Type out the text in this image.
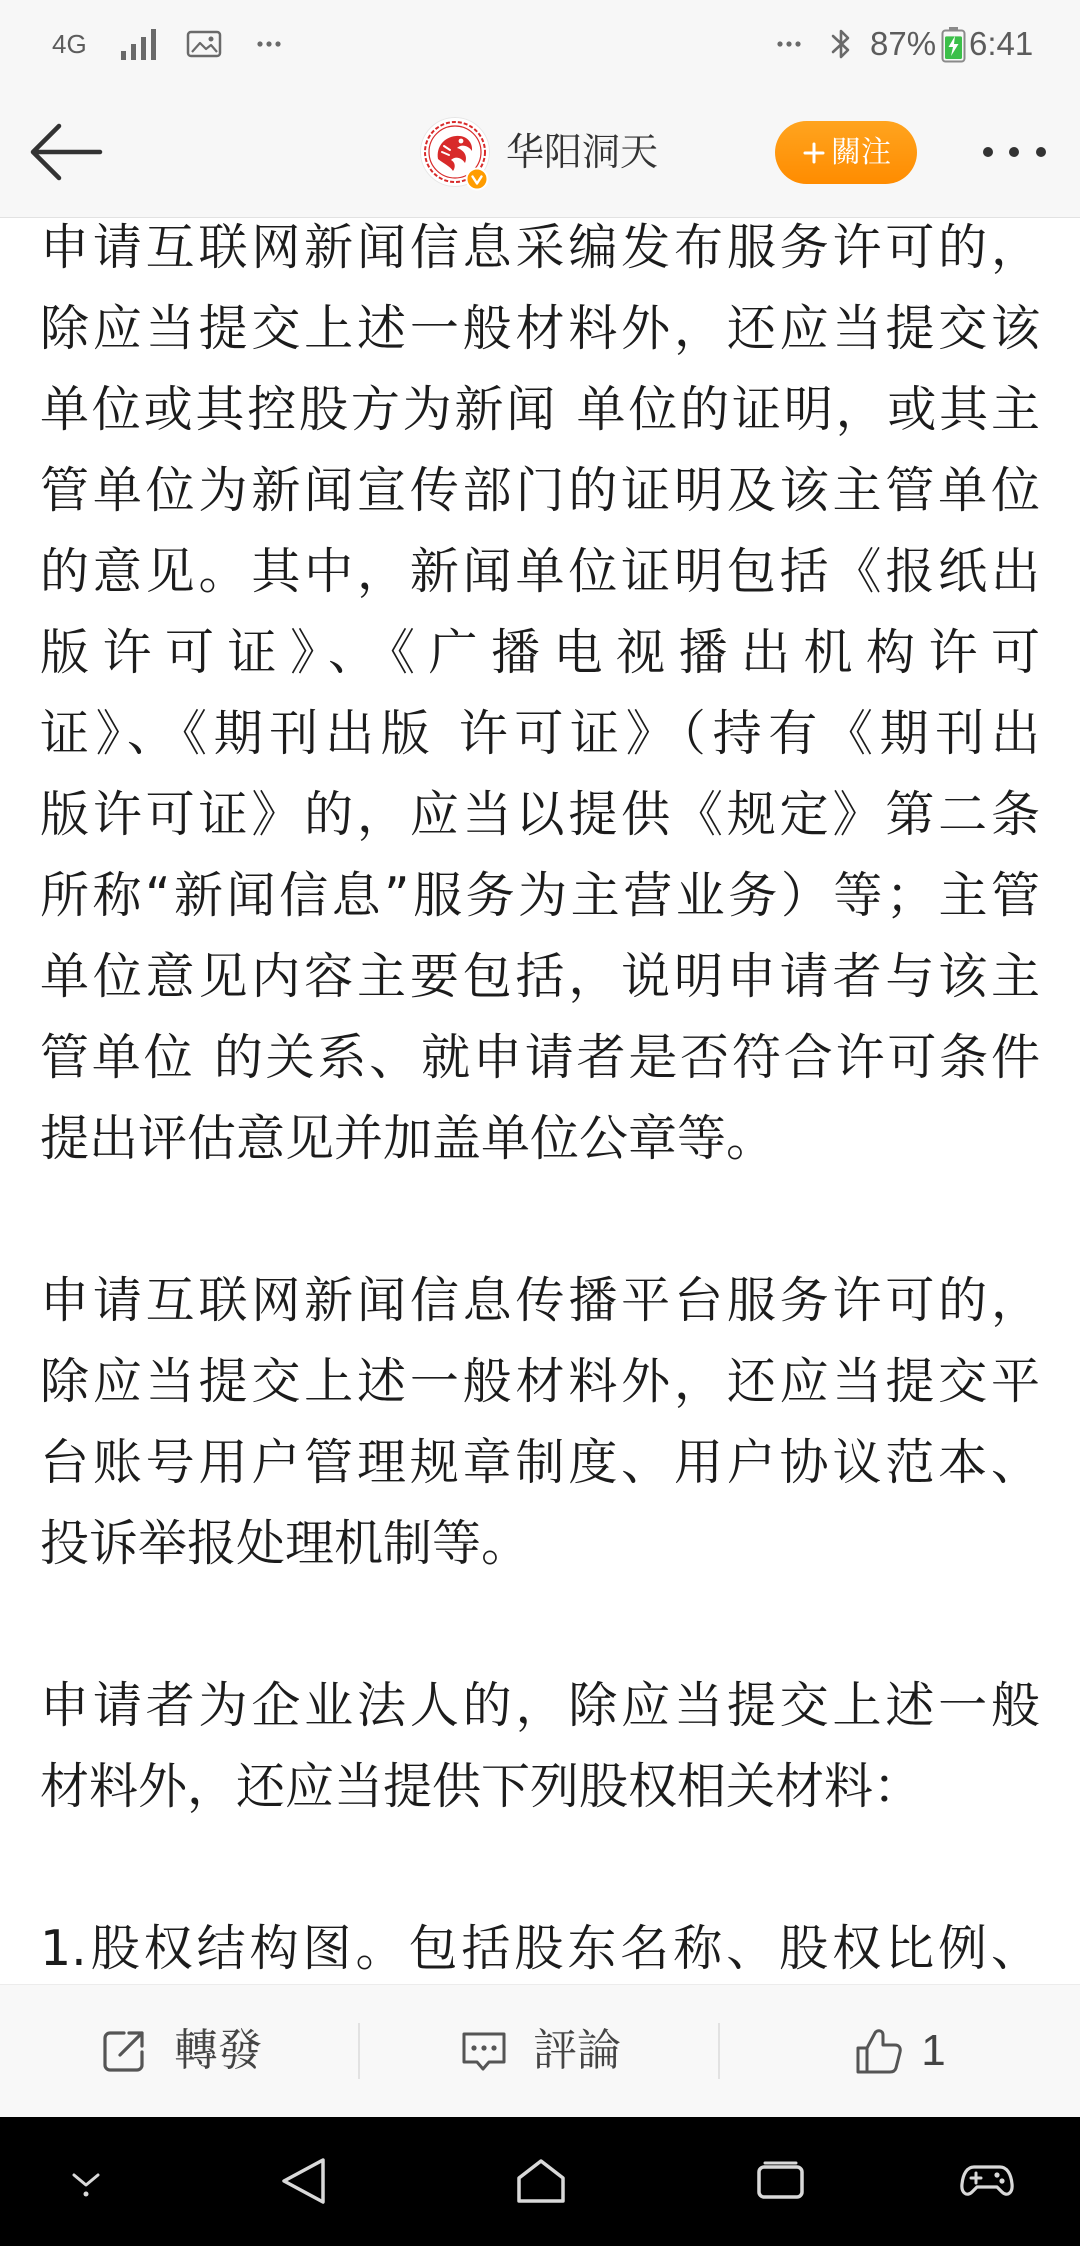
4G	87% 6:41
华阳洞天	關注
申请互联网新闻信息采编发布服务许可的，
除应当提交上述一般材料外，还应当提交该
单位或其控股方为新闻 单位的证明，或其主
管单位为新闻宣传部门的证明及该主管单位
的意见。其中，新闻单位证明包括《报纸出
版许可证》、《广播电视播出机构许可
证》、《期刊出版 许可证》（持有《期刊出
版许可证》的，应当以提供《规定》第二条
所称“新闻信息”服务为主营业务）等；主管
单位意见内容主要包括，说明申请者与该主
管单位 的关系、就申请者是否符合许可条件
提出评估意见并加盖单位公章等。
申请互联网新闻信息传播平台服务许可的，
除应当提交上述一般材料外，还应当提交平
台账号用户管理规章制度、用户协议范本、
投诉举报处理机制等。
申请者为企业法人的，除应当提交上述一般
材料外，还应当提供下列股权相关材料：
1.股权结构图。包括股东名称、股权比例、
轉發	評論	1
